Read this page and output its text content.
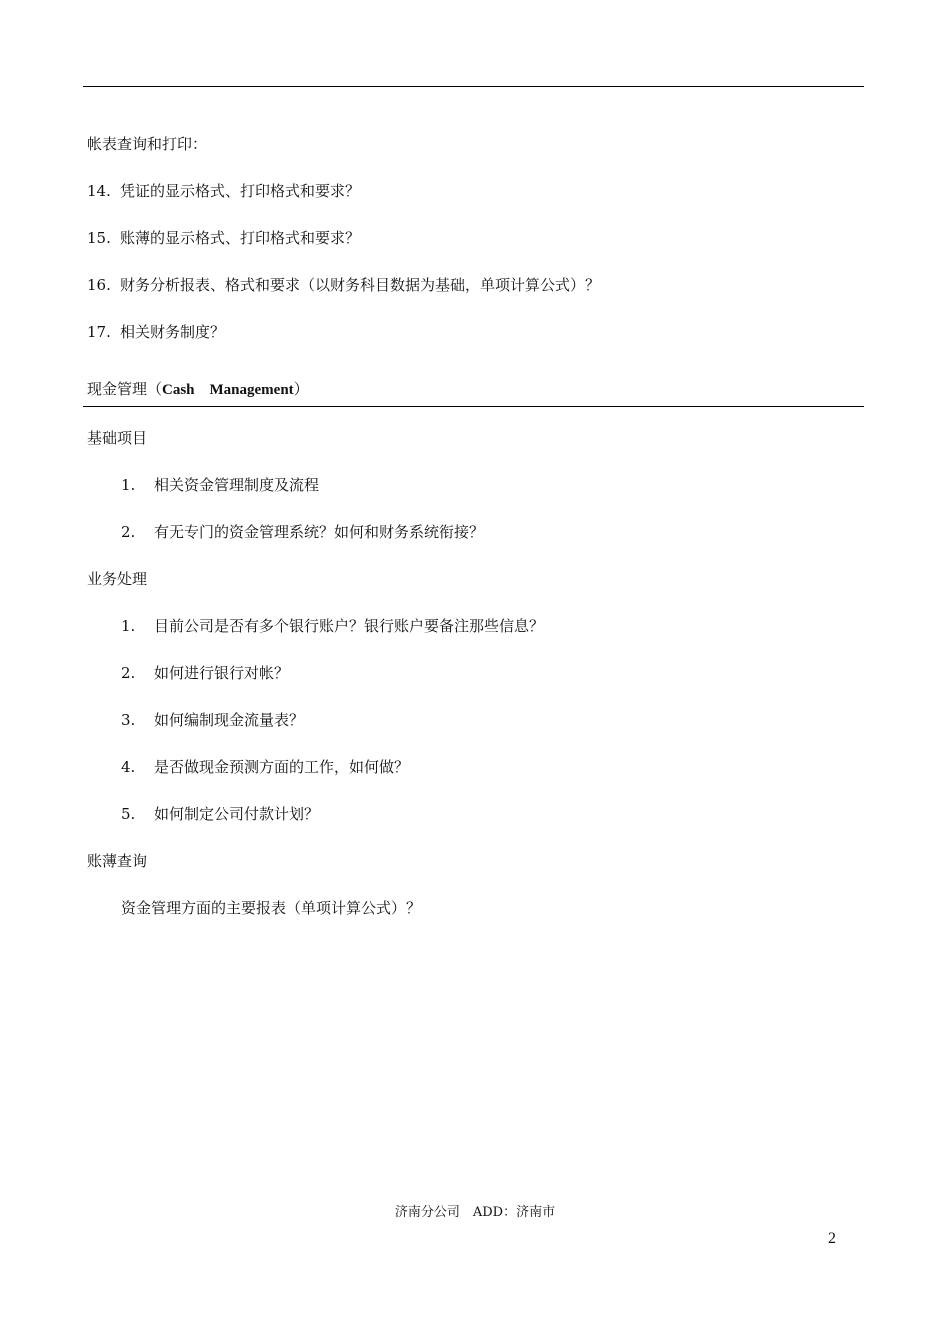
帐表查询和打印：
14. 凭证的显示格式、打印格式和要求？
15. 账薄的显示格式、打印格式和要求？
16. 财务分析报表、格式和要求（以财务科目数据为基础，单项计算公式）？
17. 相关财务制度？
现金管理（Cash    Management）
基础项目
1. 相关资金管理制度及流程
2. 有无专门的资金管理系统？如何和财务系统衔接？
业务处理
1. 目前公司是否有多个银行账户？银行账户要备注那些信息？
2. 如何进行银行对帐？
3. 如何编制现金流量表？
4. 是否做现金预测方面的工作，如何做？
5. 如何制定公司付款计划？
账薄查询
资金管理方面的主要报表（单项计算公式）？
济南分公司　ADD：济南市
2
